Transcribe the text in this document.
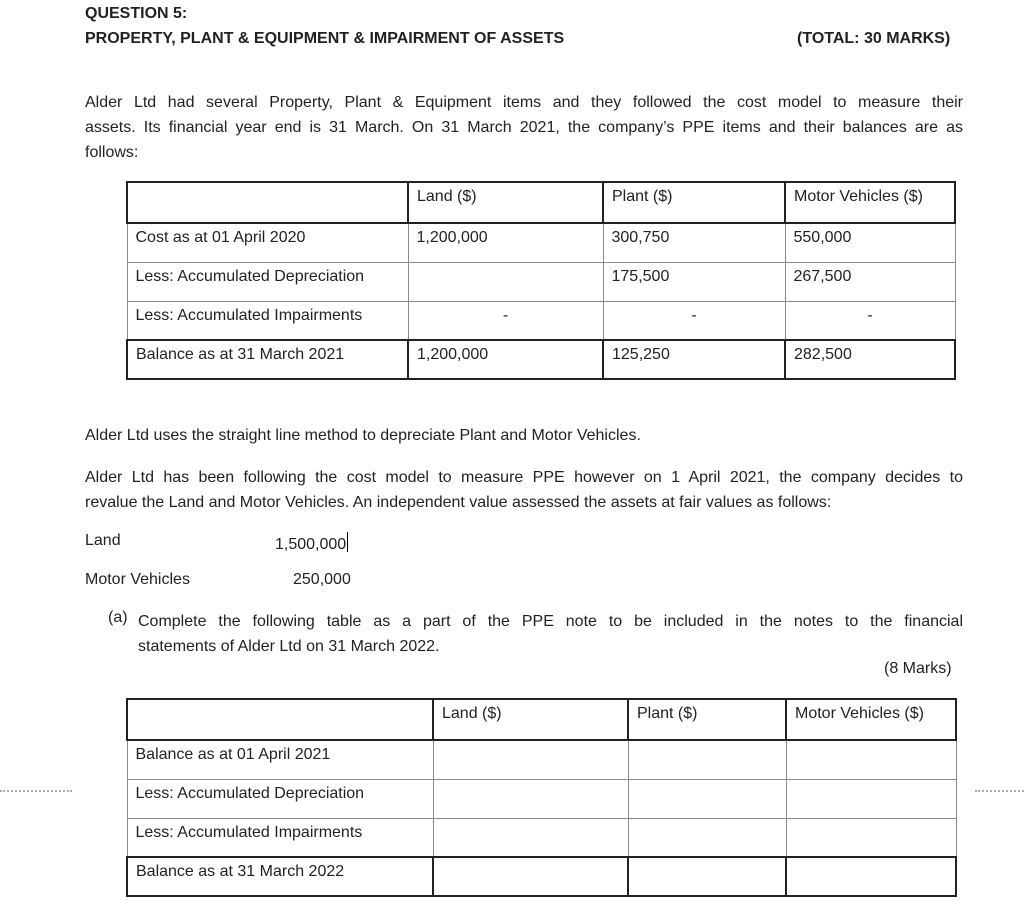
QUESTION 5:
PROPERTY, PLANT & EQUIPMENT & IMPAIRMENT OF ASSETS	(TOTAL: 30 MARKS)
Alder Ltd had several Property, Plant & Equipment items and they followed the cost model to measure their
assets. Its financial year end is 31 March. On 31 March 2021, the company’s PPE items and their balances are as
follows:
	Land ($)	Plant ($)	Motor Vehicles ($)
Cost as at 01 April 2020	1,200,000	300,750	550,000
Less: Accumulated Depreciation		175,500	267,500
Less: Accumulated Impairments	-	-	-
Balance as at 31 March 2021	1,200,000	125,250	282,500
Alder Ltd uses the straight line method to depreciate Plant and Motor Vehicles.
Alder Ltd has been following the cost model to measure PPE however on 1 April 2021, the company decides to
revalue the Land and Motor Vehicles. An independent value assessed the assets at fair values as follows:
Land	1,500,000
Motor Vehicles	250,000
(a) Complete the following table as a part of the PPE note to be included in the notes to the financial
statements of Alder Ltd on 31 March 2022.
(8 Marks)
	Land ($)	Plant ($)	Motor Vehicles ($)
Balance as at 01 April 2021			
Less: Accumulated Depreciation			
Less: Accumulated Impairments			
Balance as at 31 March 2022			
